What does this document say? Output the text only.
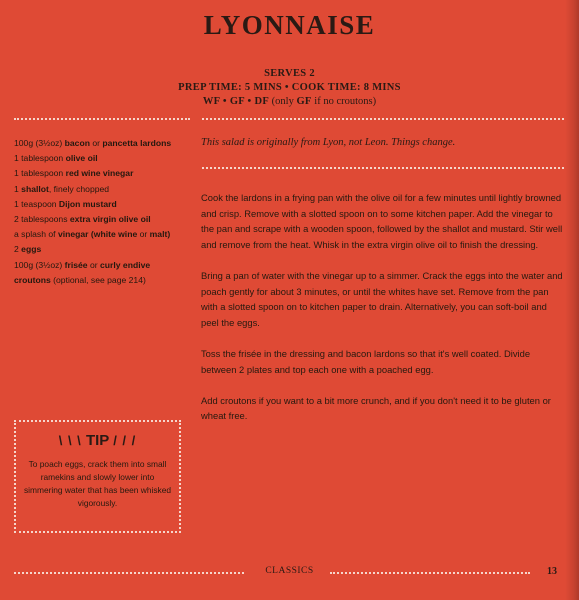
LYONNAISE
SERVES 2
PREP TIME: 5 MINS • COOK TIME: 8 MINS
WF • GF • DF (only GF if no croutons)
100g (3½oz) bacon or pancetta lardons
1 tablespoon olive oil
1 tablespoon red wine vinegar
1 shallot, finely chopped
1 teaspoon Dijon mustard
2 tablespoons extra virgin olive oil
a splash of vinegar (white wine or malt)
2 eggs
100g (3½oz) frisée or curly endive
croutons (optional, see page 214)
This salad is originally from Lyon, not Leon. Things change.

Cook the lardons in a frying pan with the olive oil for a few minutes until lightly browned and crisp. Remove with a slotted spoon on to some kitchen paper. Add the vinegar to the pan and scrape with a wooden spoon, followed by the shallot and mustard. Stir well and remove from the heat. Whisk in the extra virgin olive oil to finish the dressing.

Bring a pan of water with the vinegar up to a simmer. Crack the eggs into the water and poach gently for about 3 minutes, or until the whites have set. Remove from the pan with a slotted spoon on to kitchen paper to drain. Alternatively, you can soft-boil and peel the eggs.

Toss the frisée in the dressing and bacon lardons so that it's well coated. Divide between 2 plates and top each one with a poached egg.

Add croutons if you want to a bit more crunch, and if you don't need it to be gluten or wheat free.

\ \ \ TIP / / /
To poach eggs, crack them into small ramekins and slowly lower into simmering water that has been whisked vigorously.
CLASSICS	13
